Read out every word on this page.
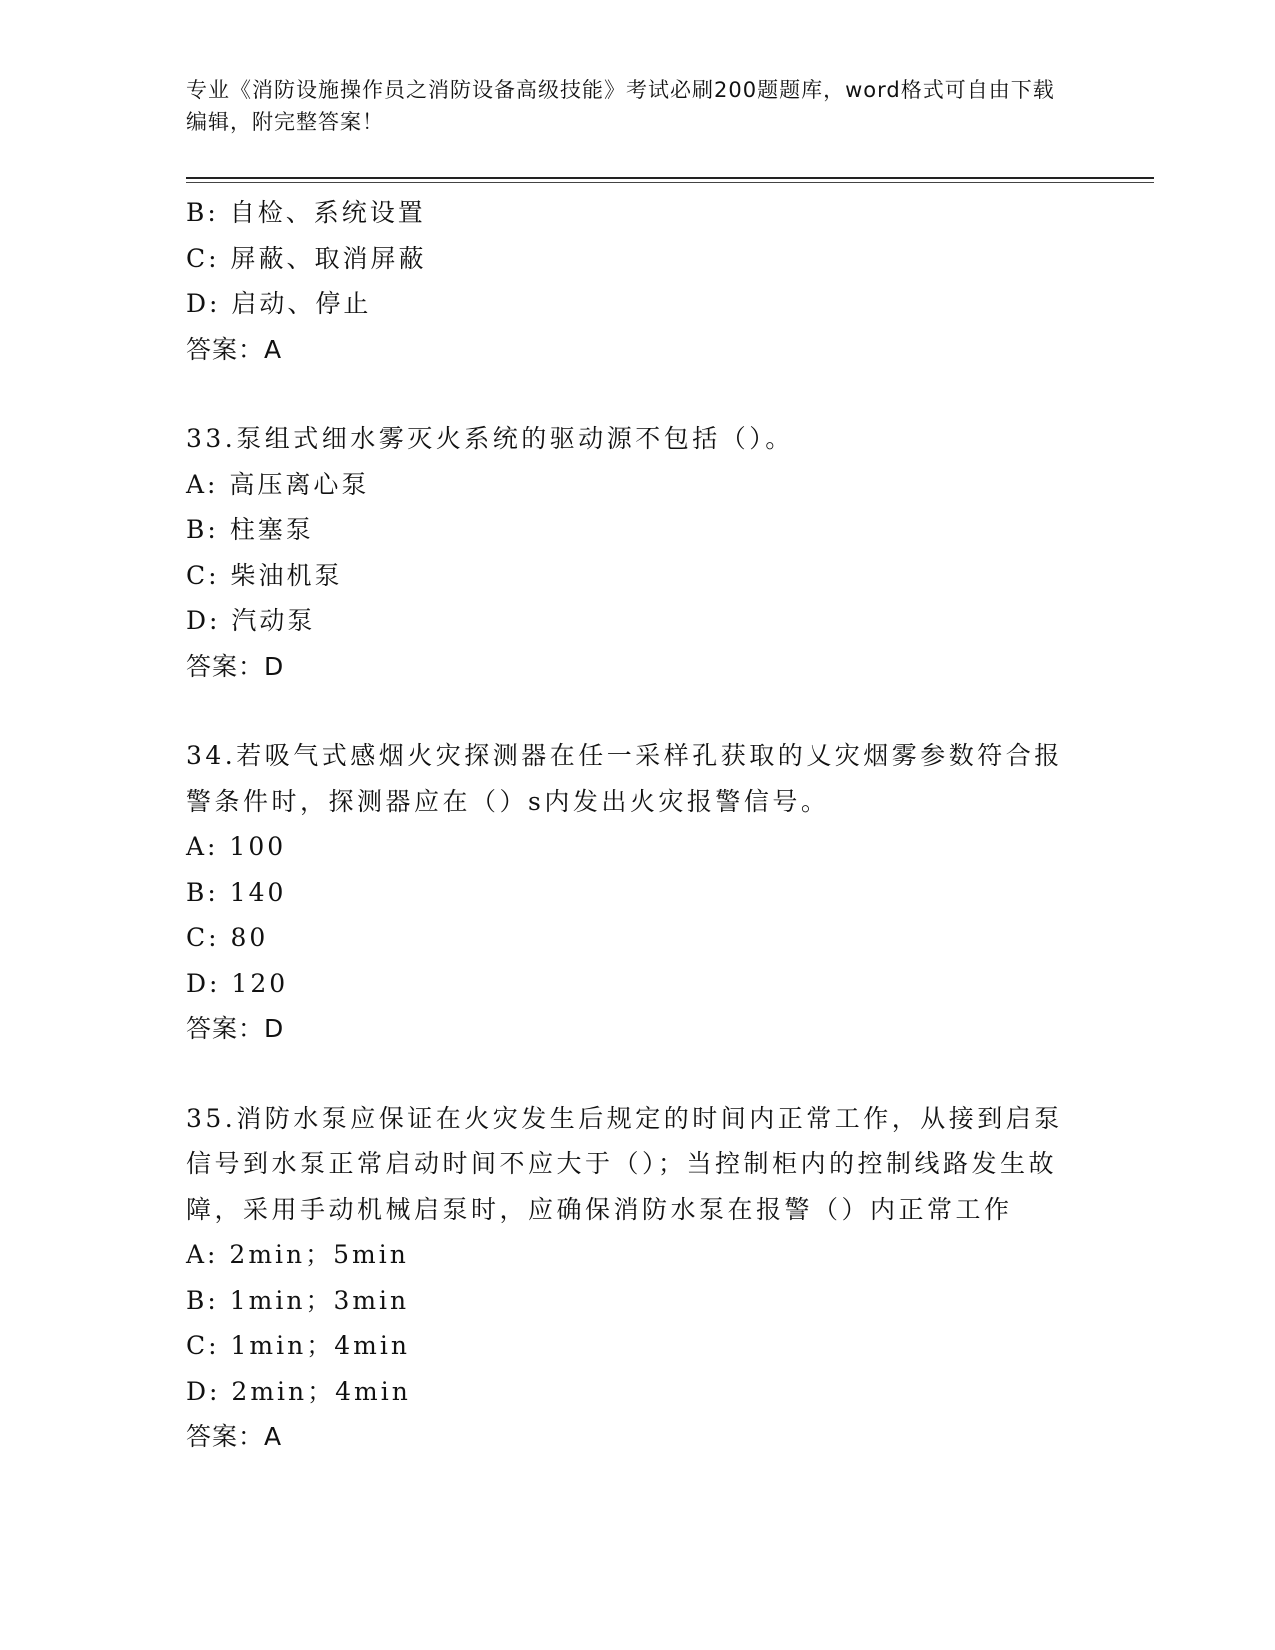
专业《消防设施操作员之消防设备高级技能》考试必刷200题题库，word格式可自由下载编辑，附完整答案！
B: 自检、系统设置
C: 屏蔽、取消屏蔽
D: 启动、停止
答案：A
33.泵组式细水雾灭火系统的驱动源不包括（）。
A: 高压离心泵
B: 柱塞泵
C: 柴油机泵
D: 汽动泵
答案：D
34.若吸气式感烟火灾探测器在任一采样孔获取的乂灾烟雾参数符合报警条件时，探测器应在（）s内发出火灾报警信号。
A: 100
B: 140
C: 80
D: 120
答案：D
35.消防水泵应保证在火灾发生后规定的时间内正常工作，从接到启泵信号到水泵正常启动时间不应大于（）；当控制柜内的控制线路发生故障，采用手动机械启泵时，应确保消防水泵在报警（）内正常工作
A: 2min；5min
B: 1min；3min
C: 1min；4min
D: 2min；4min
答案：A
